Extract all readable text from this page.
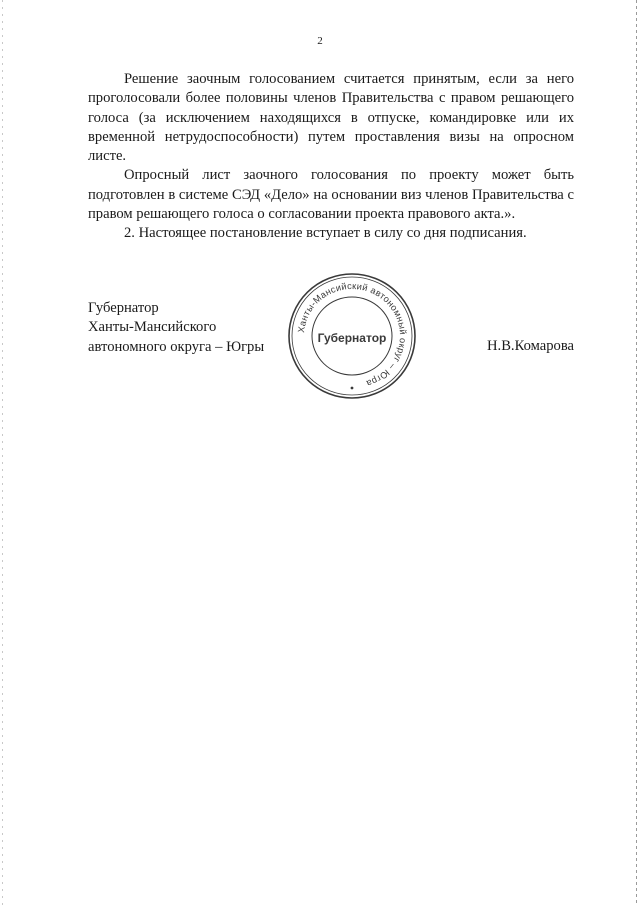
2

Решение заочным голосованием считается принятым, если за него проголосовали более половины членов Правительства с правом решающего голоса (за исключением находящихся в отпуске, командировке или их временной нетрудоспособности) путем проставления визы на опросном листе.

Опросный лист заочного голосования по проекту может быть подготовлен в системе СЭД «Дело» на основании виз членов Правительства с правом решающего голоса о согласовании проекта правового акта.».

2. Настоящее постановление вступает в силу со дня подписания.

Губернатор
Ханты-Мансийского
автономного округа – Югры
Ханты-Мансийский автономный округ – Югра
Губернатор	Н.В.Комарова
